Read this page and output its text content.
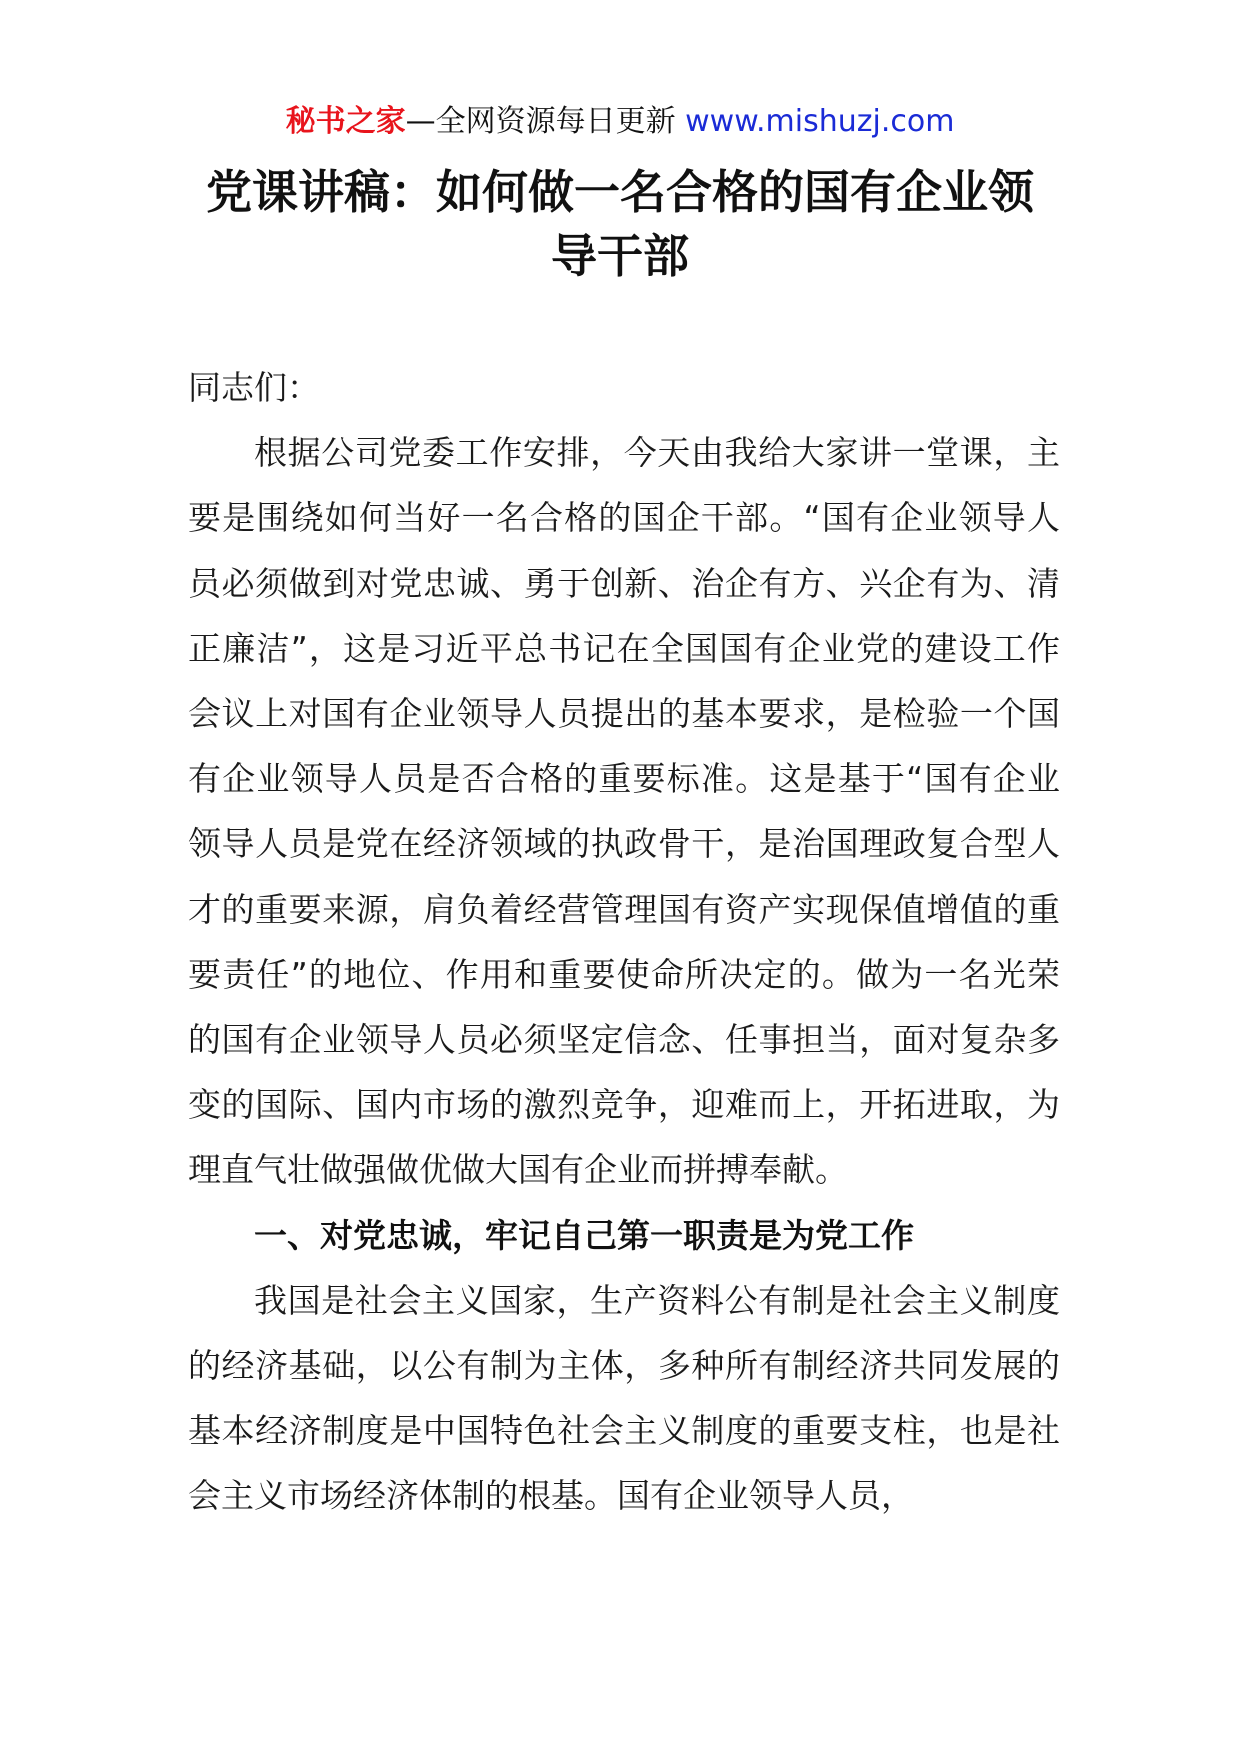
秘书之家—全网资源每日更新 www.mishuzj.com
党课讲稿：如何做一名合格的国有企业领
导干部

同志们：

根据公司党委工作安排，今天由我给大家讲一堂课，主要是围绕如何当好一名合格的国企干部。“国有企业领导人员必须做到对党忠诚、勇于创新、治企有方、兴企有为、清正廉洁”，这是习近平总书记在全国国有企业党的建设工作会议上对国有企业领导人员提出的基本要求，是检验一个国有企业领导人员是否合格的重要标准。这是基于“国有企业领导人员是党在经济领域的执政骨干，是治国理政复合型人才的重要来源，肩负着经营管理国有资产实现保值增值的重要责任”的地位、作用和重要使命所决定的。做为一名光荣的国有企业领导人员必须坚定信念、任事担当，面对复杂多变的国际、国内市场的激烈竞争，迎难而上，开拓进取，为理直气壮做强做优做大国有企业而拼搏奉献。

一、对党忠诚，牢记自己第一职责是为党工作

我国是社会主义国家，生产资料公有制是社会主义制度的经济基础，以公有制为主体，多种所有制经济共同发展的基本经济制度是中国特色社会主义制度的重要支柱，也是社会主义市场经济体制的根基。国有企业领导人员，
